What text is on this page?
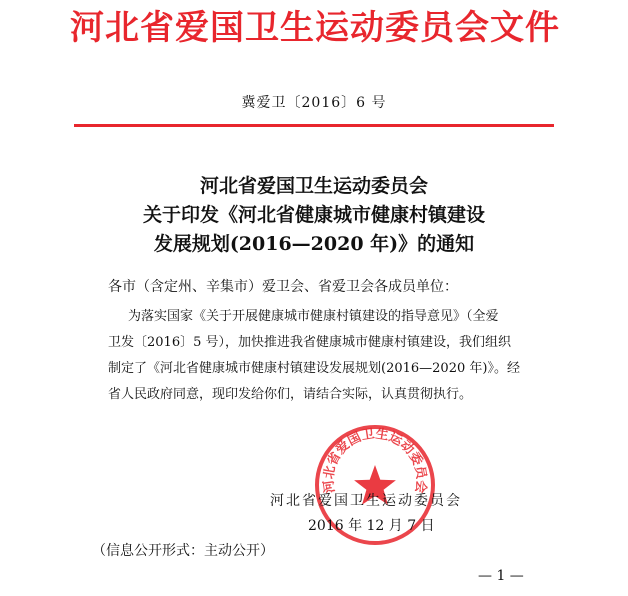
河北省爱国卫生运动委员会文件
冀爱卫〔2016〕6 号
河北省爱国卫生运动委员会
关于印发《河北省健康城市健康村镇建设
发展规划(2016—2020 年)》的通知
各市（含定州、辛集市）爱卫会、省爱卫会各成员单位：
为落实国家《关于开展健康城市健康村镇建设的指导意见》（全爱
卫发〔2016〕5 号），加快推进我省健康城市健康村镇建设，我们组织
制定了《河北省健康城市健康村镇建设发展规划(2016—2020 年)》。经
省人民政府同意，现印发给你们，请结合实际，认真贯彻执行。
河北省爱国卫生运动委员会
河北省爱国卫生运动委员会
2016 年 12 月 7 日
（信息公开形式：主动公开）
— 1 —
